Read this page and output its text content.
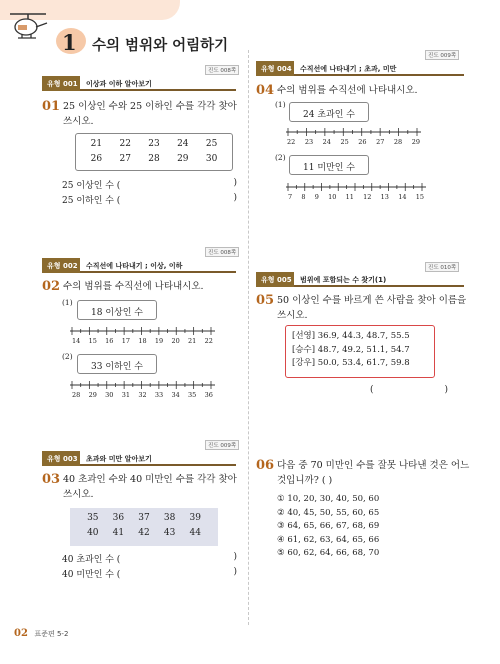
1 수의 범위와 어림하기
진도 008쪽
유형 001	이상과 이하 알아보기
01 25 이상인 수와 25 이하인 수를 각각 찾아 쓰시오.
21	22	23	24	25
26	27	28	29	30
25 이상인 수 (	)
25 이하인 수 (	)
진도 008쪽
유형 002	수직선에 나타내기 ; 이상, 이하
02 수의 범위를 수직선에 나타내시오.
(1)
18 이상인 수
14 15 16 17 18 19 20 21 22
(2)
33 이하인 수
28 29 30 31 32 33 34 35 36
진도 009쪽
유형 003	초과와 미만 알아보기
03 40 초과인 수와 40 미만인 수를 각각 찾아 쓰시오.
35	36	37	38	39
40	41	42	43	44
40 초과인 수 (	)
40 미만인 수 (	)
진도 009쪽
유형 004	수직선에 나타내기 ; 초과, 미만
04 수의 범위를 수직선에 나타내시오.
(1)
24 초과인 수
22 23 24 25 26 27 28 29
(2)
11 미만인 수
7 8 9 10 11 12 13 14 15
진도 010쪽
유형 005	범위에 포함되는 수 찾기(1)
05 50 이상인 수를 바르게 쓴 사람을 찾아 이름을 쓰시오.
[선영] 36.9, 44.3, 48.7, 55.5
[승수] 48.7, 49.2, 51.1, 54.7
[강우] 50.0, 53.4, 61.7, 59.8
(	)
06 다음 중 70 미만인 수를 잘못 나타낸 것은 어느 것입니까? ( )
① 10, 20, 30, 40, 50, 60
② 40, 45, 50, 55, 60, 65
③ 64, 65, 66, 67, 68, 69
④ 61, 62, 63, 64, 65, 66
⑤ 60, 62, 64, 66, 68, 70
02 표준편 5-2
